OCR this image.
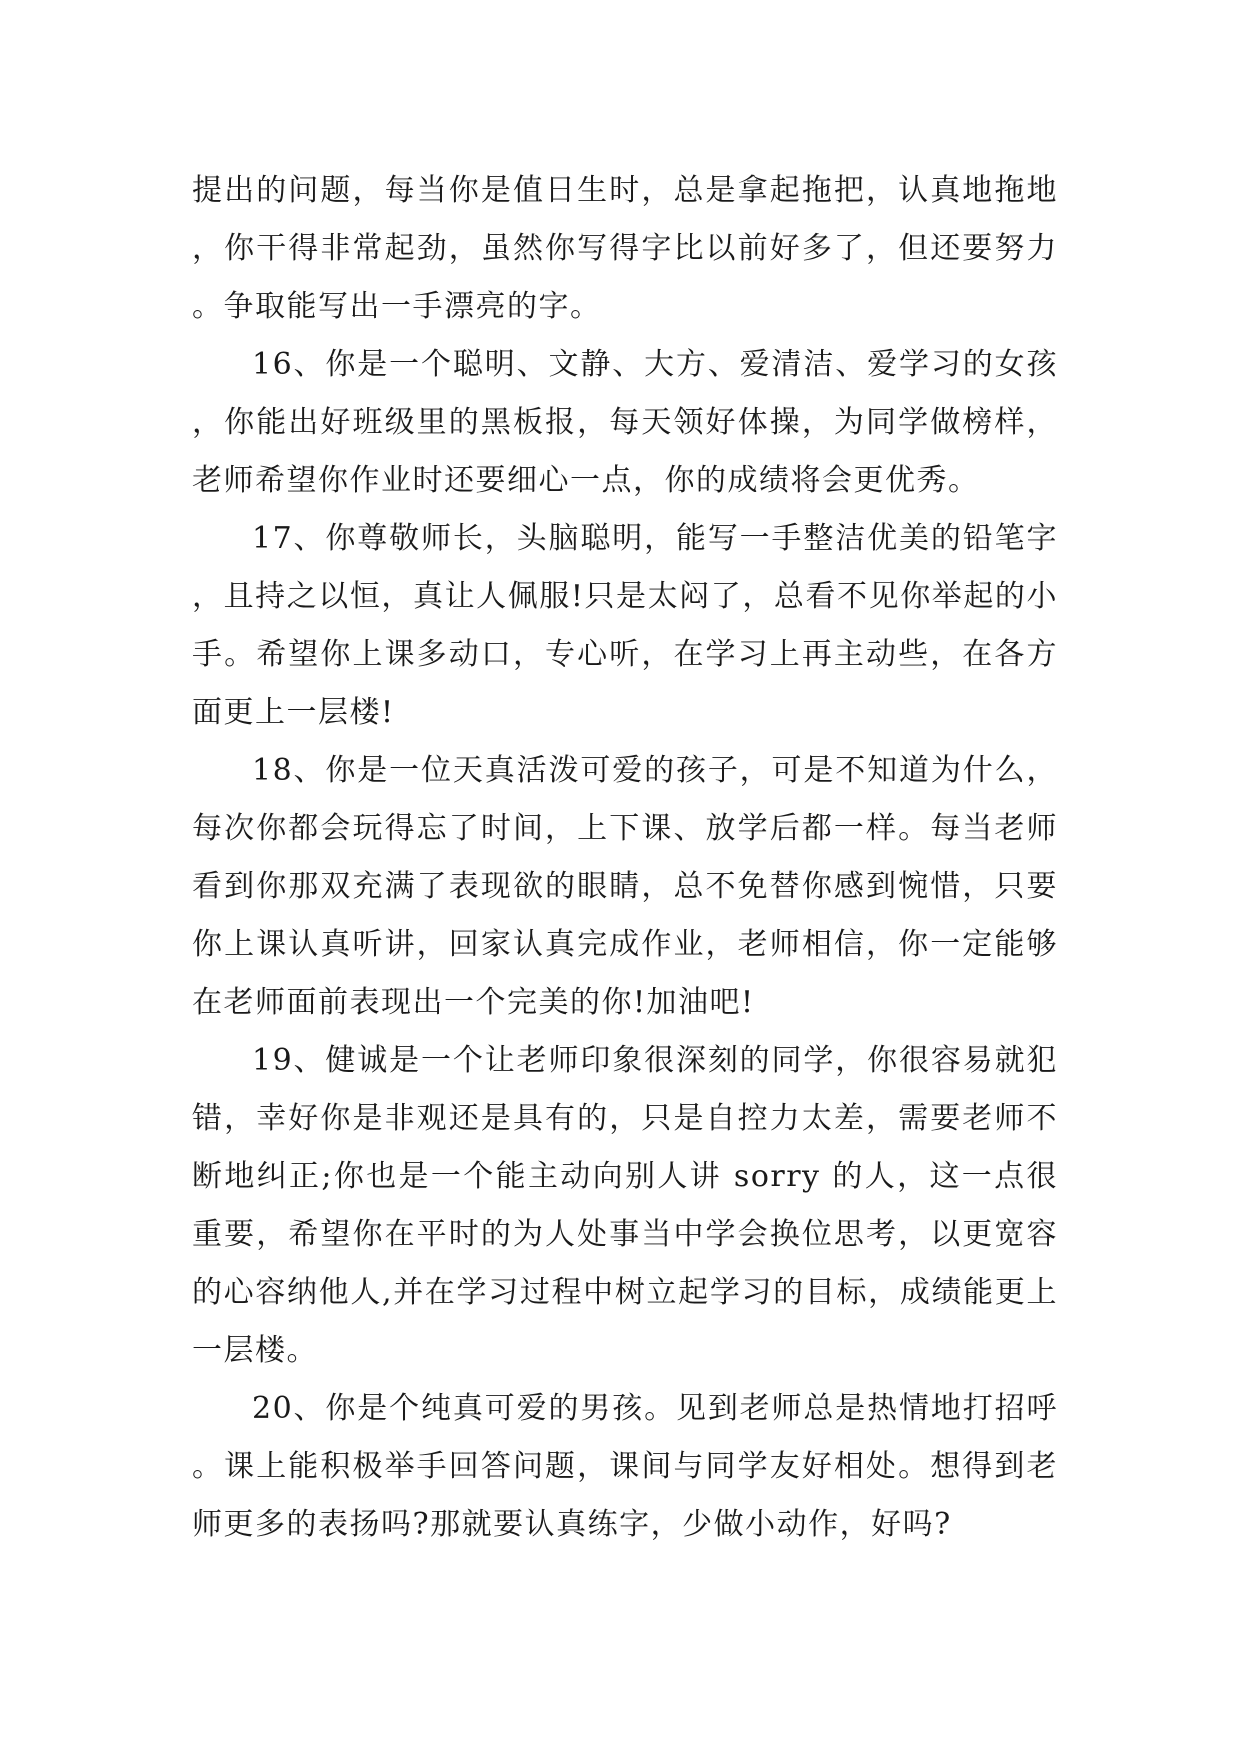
提出的问题，每当你是值日生时，总是拿起拖把，认真地拖地，你干得非常起劲，虽然你写得字比以前好多了，但还要努力。争取能写出一手漂亮的字。

16、你是一个聪明、文静、大方、爱清洁、爱学习的女孩，你能出好班级里的黑板报，每天领好体操，为同学做榜样，老师希望你作业时还要细心一点，你的成绩将会更优秀。

17、你尊敬师长，头脑聪明，能写一手整洁优美的铅笔字，且持之以恒，真让人佩服!只是太闷了，总看不见你举起的小手。希望你上课多动口，专心听，在学习上再主动些，在各方面更上一层楼!

18、你是一位天真活泼可爱的孩子，可是不知道为什么，每次你都会玩得忘了时间，上下课、放学后都一样。每当老师看到你那双充满了表现欲的眼睛，总不免替你感到惋惜，只要你上课认真听讲，回家认真完成作业，老师相信，你一定能够在老师面前表现出一个完美的你!加油吧!

19、健诚是一个让老师印象很深刻的同学，你很容易就犯错，幸好你是非观还是具有的，只是自控力太差，需要老师不断地纠正;你也是一个能主动向别人讲 sorry 的人，这一点很重要，希望你在平时的为人处事当中学会换位思考，以更宽容的心容纳他人,并在学习过程中树立起学习的目标，成绩能更上一层楼。

20、你是个纯真可爱的男孩。见到老师总是热情地打招呼。课上能积极举手回答问题，课间与同学友好相处。想得到老师更多的表扬吗?那就要认真练字，少做小动作，好吗?
